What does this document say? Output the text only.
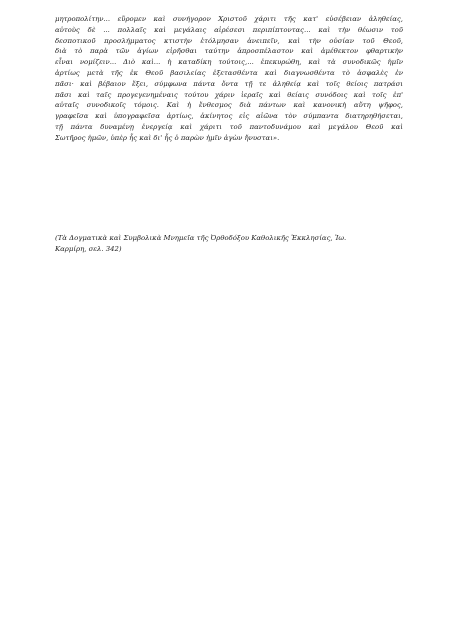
μητροπολίτην... εὕρομεν καὶ συνήγορον Χριστοῦ χάριτι τῆς κατ' εὐσέβειαν ἀληθείας,
αὐτοὺς δὲ ... πολλαῖς καὶ μεγάλαις αἱρέσεσι περιπίπτοντας... καὶ τὴν θέωσιν τοῦ
δεσποτικοῦ προσλήμματος κτιστὴν ἐτόλμησαν ἀνειπεῖν, καὶ τὴν οὐσίαν τοῦ Θεοῦ,
διὰ τὸ παρὰ τῶν ἁγίων εἰρῆσθαι ταύτην ἀπροσπέλαστον καὶ ἀμέθεκτον φθαρτικὴν
εἶναι νομίζειν... Διὸ καὶ... ἡ καταδίκη τούτοις,... ἐπεκυρώθη, καὶ τὰ συνοδικῶς ἡμῖν
ἀρτίως μετὰ τῆς ἐκ Θεοῦ βασιλείας ἐξετασθέντα καὶ διαγνωσθέντα τὸ ἀσφαλὲς ἐν
πᾶσι· καὶ βέβαιον ἔξει, σύμφωνα πάντα ὄντα τῇ τε ἀληθείᾳ καὶ τοῖς θείοις πατράσι
πᾶσι καὶ ταῖς προγεγενημέναις τούτου χάριν ἱεραῖς καὶ θείαις συνόδοις καὶ τοῖς ἐπ'
αὐταῖς συνοδικοῖς τόμοις. Καὶ ἡ ἔνθεσμος διὰ πάντων καὶ κανονικὴ αὕτη ψῆφος,
γραφεῖσα καὶ ὑπογραφεῖσα ἀρτίως, ἀκίνητος εἰς αἰῶνα τὸν σύμπαντα διατηρηθήσεται,
τῇ πάντα δυναμένῃ ἐνεργείᾳ καὶ χάριτι τοῦ παντοδυνάμου καὶ μεγάλου Θεοῦ καὶ
Σωτῆρος ἡμῶν, ὑπὲρ ἧς καὶ δι' ἧς ὁ παρὼν ἡμῖν ἀγὼν ἤνυσται».
(Τὰ Δογματικὰ καὶ Συμβολικὰ Μνημεῖα τῆς Ὀρθοδόξου Καθολικῆς Ἐκκλησίας, Ἰω.
Καρμίρη, σελ. 342)
